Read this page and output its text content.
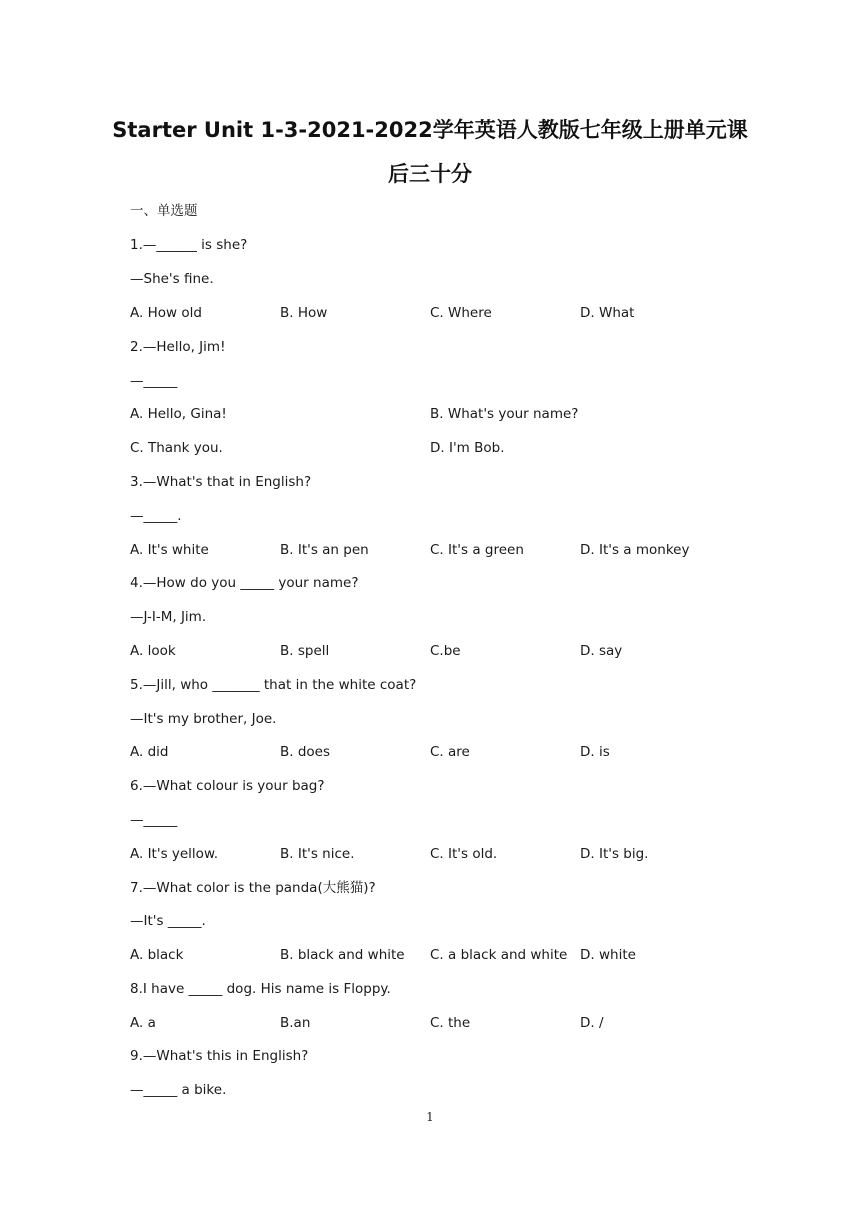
Starter Unit 1-3-2021-2022学年英语人教版七年级上册单元课
后三十分
一、单选题
1.—______ is she?
—She's fine.
A. How old	B. How	C. Where	D. What
2.—Hello, Jim!
—_____
A. Hello, Gina!	B. What's your name?
C. Thank you.	D. I'm Bob.
3.—What's that in English?
—_____.
A. It's white	B. It's an pen	C. It's a green	D. It's a monkey
4.—How do you _____ your name?
—J-I-M, Jim.
A. look	B. spell	C.be	D. say
5.—Jill, who _______ that in the white coat?
—It's my brother, Joe.
A. did	B. does	C. are	D. is
6.—What colour is your bag?
—_____
A. It's yellow.	B. It's nice.	C. It's old.	D. It's big.
7.—What color is the panda(大熊猫)?
—It's _____.
A. black	B. black and white C. a black and white D. white
8.I have _____ dog. His name is Floppy.
A. a	B.an	C. the	D. /
9.—What's this in English?
—_____ a bike.
1
